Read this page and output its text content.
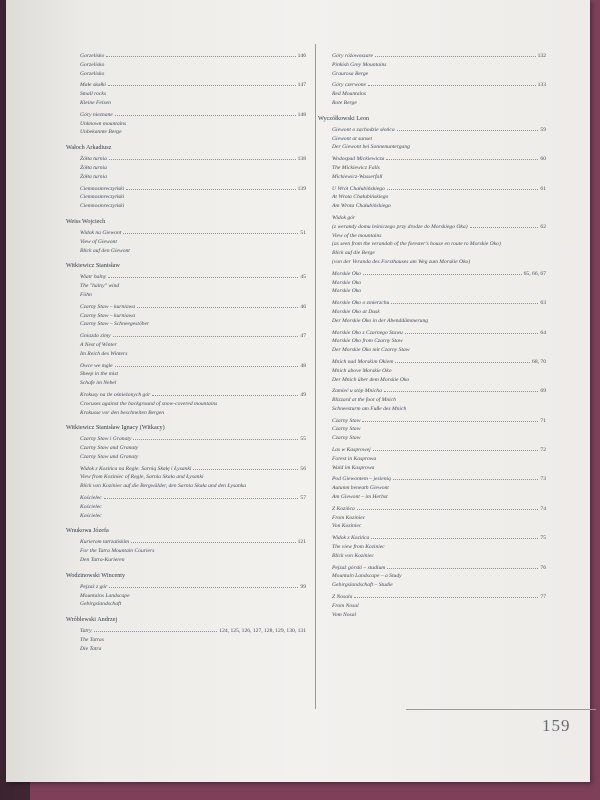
Gorzelisko	146
Gorzelisko
Gorzelisko
Małe skałki	147
Small rocks
Kleine Felsen
Góry nieznane	148
Unknown mountains
Unbekannte Berge
Wałoch Arkadiusz
Żółta turnia	138
Żółta turnia
Żółta turnia
Ciemnosmreczyński	139
Ciemnosmreczyński
Ciemnosmreczyński
Weiss Wojciech
Widok na Giewont	51
View of Giewont
Blick auf den Giewont
Witkiewicz Stanisław
Wiatr halny	45
The "halny" wind
Föhn
Czarny Staw – kurniawa	46
Czarny Staw – kurniawa
Czarny Staw – Schneegestöber
Gniazdo zimy	47
A Nest of Winter
Im Reich des Winters
Owce we mgle	48
Sheep in the mist
Schafe im Nebel
Krokusy na tle ośnieżonych gór	49
Crocuses against the background of snow-covered mountains
Krokusse vor den beschneiten Bergen
Witkiewicz Stanisław Ignacy (Witkacy)
Czarny Staw i Granaty	55
Czarny Staw and Granaty
Czarny Staw und Granaty
Widok z Kozińca na Regle. Sarnią Skałę i Łysanki	56
View from Koziniec of Regle, Sarnia Skała and Łysanki
Blick von Koziniec auf die Bergwälder, den Sarnia Skała und den Łysanka
Kościelec	57
Kościelec
Kościelec
Wnukowa Józefa
Kurierom tatrzańskim	121
For the Tatra Mountain Couriers
Den Tatra-Kurieren
Wodzinowski Wincenty
Pejzaż z gór	99
Mountains Landscape
Gebirgslandschaft
Wróblewski Andrzej
Tatry	124, 125, 126, 127, 128, 129, 130, 131
The Tatras
Die Tatra
Góry różowoszare	132
Pinkish Grey Mountains
Graurosa Berge
Góry czerwone	133
Red Mountains
Rote Berge
Wyczółkowski Leon
Giewont o zachodzie słońca	59
Giewont at sunset
Der Giewont bei Sonnenuntergang
Wodospad Mickiewicza	60
The Mickiewicz Falls
Mickiewicz-Wasserfall
U Wrót Chałubińskiego	61
At Wrota Chałubińskiego
Am Wrota Chałubińskiego
Widok gór
(z werandy domu leśniczego przy drodze do Morskiego Oka)	62
View of the mountains
(as seen from the verandah of the forester's house en route to Morskie Oko)
Blick auf die Berge
(von der Veranda des Forsthauses am Weg zum Morskie Oko)
Morskie Oko	65, 66, 67
Morskie Oko
Morskie Oko
Morskie Oko o zmierzchu	63
Morskie Oko at Dusk
Der Morskie Oko in der Abenddämmerung
Morskie Oko z Czarnego Stawu	64
Morskie Oko from Czarny Staw
Der Morskie Oko mit Czarny Staw
Mnich nad Morskim Okiem	68, 70
Mnich above Morskie Oko
Der Mnich über dem Morskie Oko
Zamieć u stóp Mnicha	69
Blizzard at the foot of Mnich
Schneesturm am Fuße des Mnich
Czarny Staw	71
Czarny Staw
Czarny Staw
Las w Kasprowej	72
Forest in Kasprowa
Wald im Kasprowa
Pod Giewontem – jesienią	73
Autumn beneath Giewont
Am Giewont – im Herbst
Z Kozińca	74
From Koziniec
Von Koziniec
Widok z Kozińca	75
The view from Koziniec
Blick von Koziniec
Pejzaż górski – studium	76
Mountain Landscape – a Study
Gebirgslandschaft – Studie
Z Nosala	77
From Nosal
Vom Nosal
159
